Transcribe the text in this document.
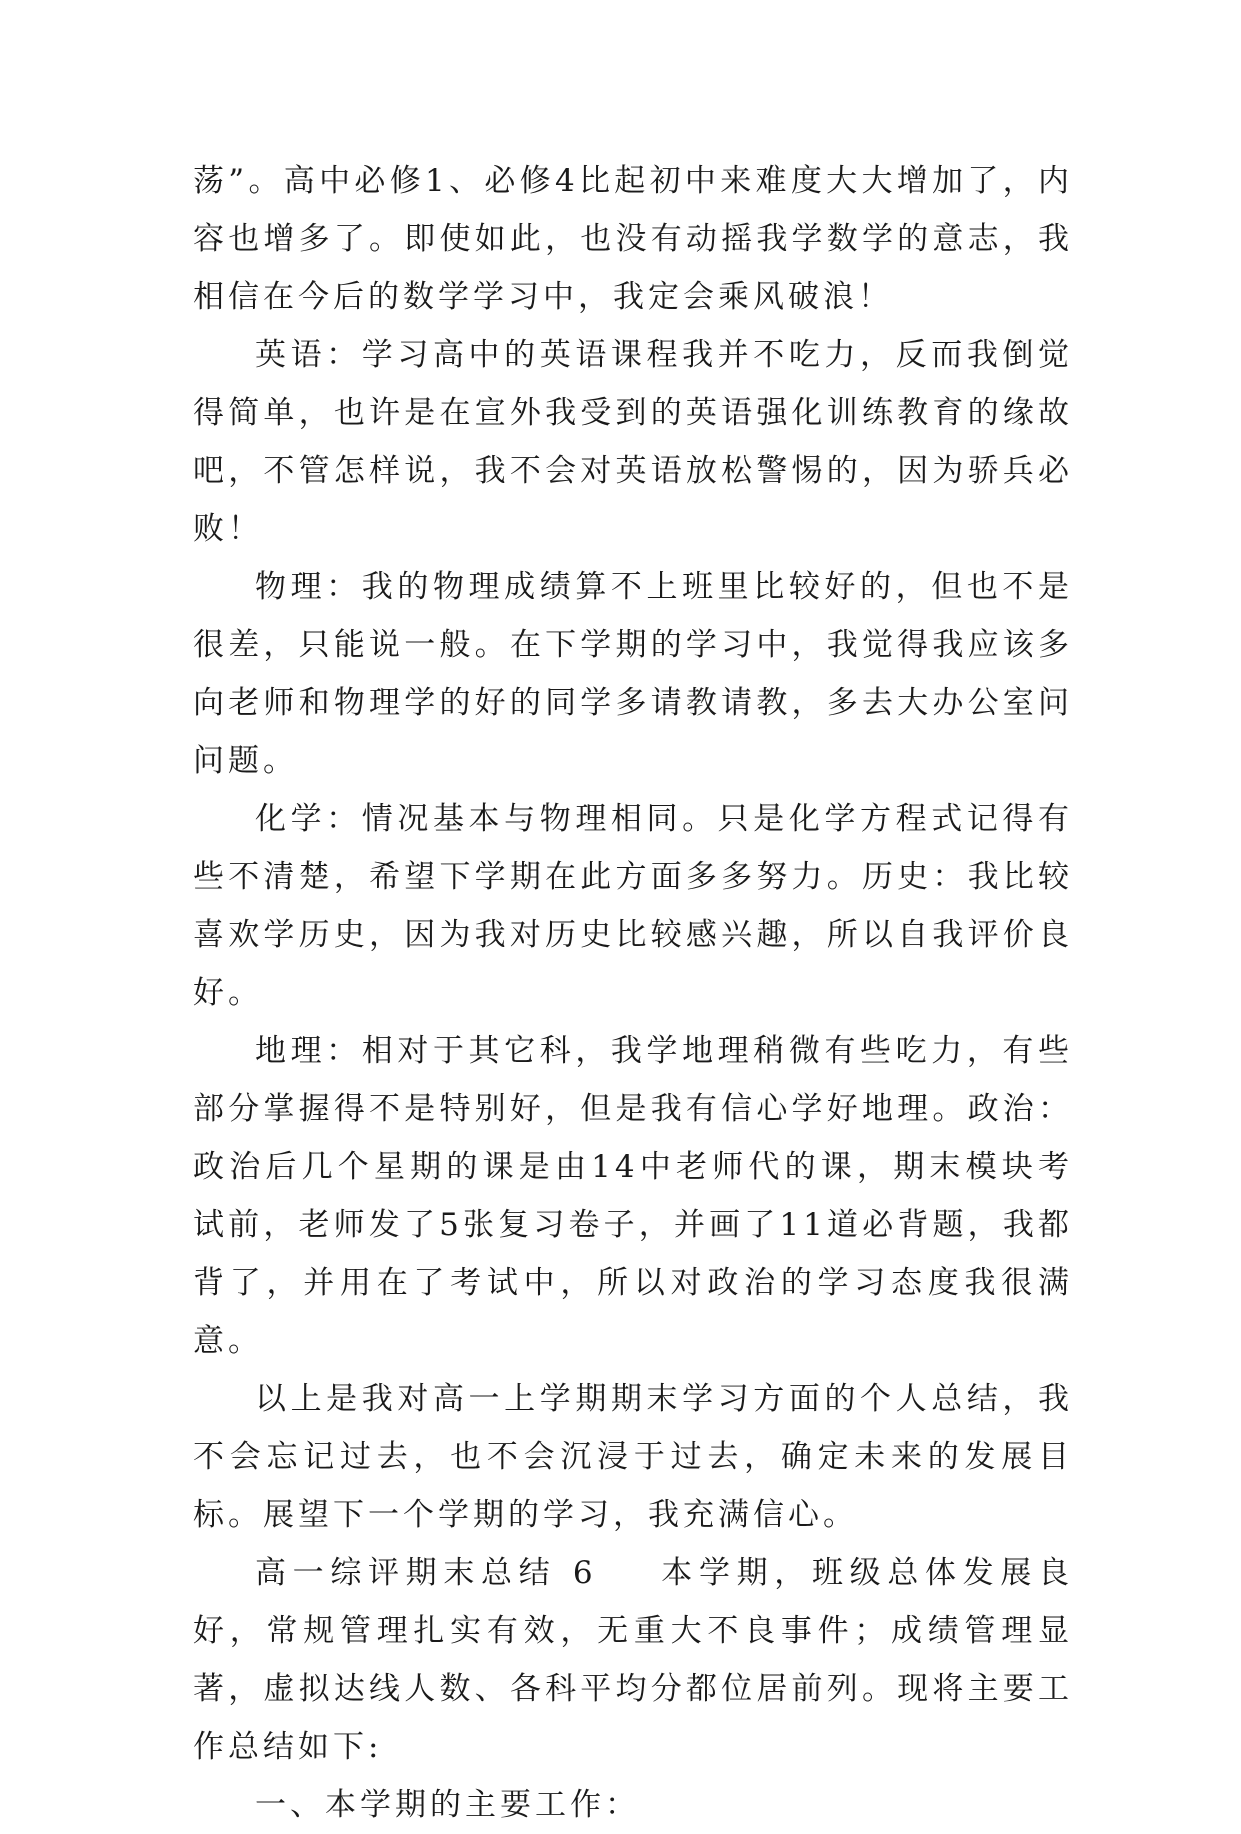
荡”。高中必修1、必修4比起初中来难度大大增加了，内容也增多了。即使如此，也没有动摇我学数学的意志，我相信在今后的数学学习中，我定会乘风破浪！

英语：学习高中的英语课程我并不吃力，反而我倒觉得简单，也许是在宣外我受到的英语强化训练教育的缘故吧，不管怎样说，我不会对英语放松警惕的，因为骄兵必败！

物理：我的物理成绩算不上班里比较好的，但也不是很差，只能说一般。在下学期的学习中，我觉得我应该多向老师和物理学的好的同学多请教请教，多去大办公室问问题。

化学：情况基本与物理相同。只是化学方程式记得有些不清楚，希望下学期在此方面多多努力。历史：我比较喜欢学历史，因为我对历史比较感兴趣，所以自我评价良好。

地理：相对于其它科，我学地理稍微有些吃力，有些部分掌握得不是特别好，但是我有信心学好地理。政治：政治后几个星期的课是由14中老师代的课，期末模块考试前，老师发了5张复习卷子，并画了11道必背题，我都背了，并用在了考试中，所以对政治的学习态度我很满意。

以上是我对高一上学期期末学习方面的个人总结，我不会忘记过去，也不会沉浸于过去，确定未来的发展目标。展望下一个学期的学习，我充满信心。

高一综评期末总结 6 本学期，班级总体发展良好，常规管理扎实有效，无重大不良事件；成绩管理显著，虚拟达线人数、各科平均分都位居前列。现将主要工作总结如下:

一、本学期的主要工作：
